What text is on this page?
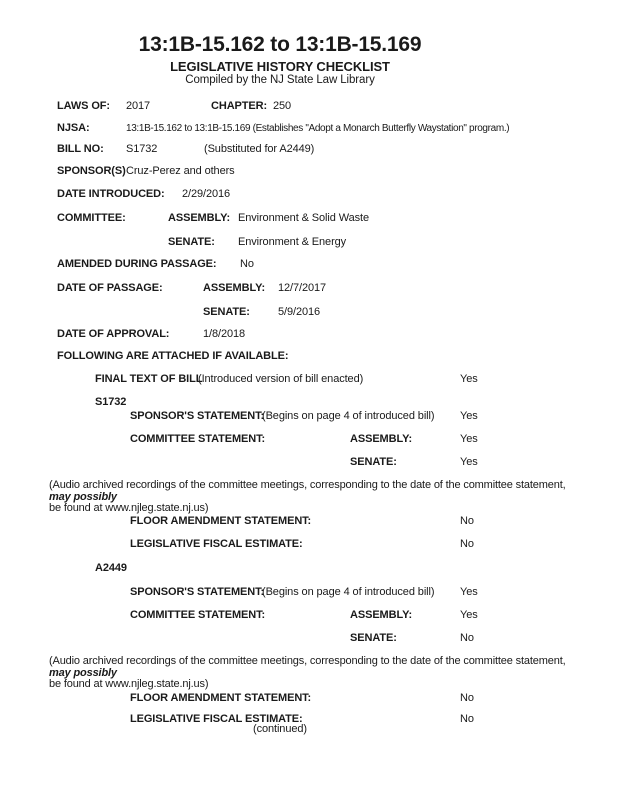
13:1B-15.162 to 13:1B-15.169
LEGISLATIVE HISTORY CHECKLIST
Compiled by the NJ State Law Library
LAWS OF: 2017	CHAPTER: 250
NJSA:	13:1B-15.162 to 13:1B-15.169 (Establishes "Adopt a Monarch Butterfly Waystation" program.)
BILL NO: S1732	(Substituted for A2449)
SPONSOR(S) Cruz-Perez and others
DATE INTRODUCED: 2/29/2016
COMMITTEE:	ASSEMBLY: Environment & Solid Waste
SENATE: Environment & Energy
AMENDED DURING PASSAGE: No
DATE OF PASSAGE:	ASSEMBLY: 12/7/2017
SENATE:	5/9/2016
DATE OF APPROVAL:	1/8/2018
FOLLOWING ARE ATTACHED IF AVAILABLE:
FINAL TEXT OF BILL
(Introduced version of bill enacted)	Yes
S1732
SPONSOR'S STATEMENT:
(Begins on page 4 of introduced bill) Yes
COMMITTEE STATEMENT:	ASSEMBLY:	Yes
SENATE:	Yes
(Audio archived recordings of the committee meetings, corresponding to the date of the committee statement, may possibly
be found at www.njleg.state.nj.us)
FLOOR AMENDMENT STATEMENT:	No
LEGISLATIVE FISCAL ESTIMATE:	No
A2449
SPONSOR'S STATEMENT:
(Begins on page 4 of introduced bill) Yes
COMMITTEE STATEMENT:	ASSEMBLY:	Yes
SENATE:	No
(Audio archived recordings of the committee meetings, corresponding to the date of the committee statement, may possibly
be found at www.njleg.state.nj.us)
FLOOR AMENDMENT STATEMENT:	No
LEGISLATIVE FISCAL ESTIMATE:	No
(continued)
